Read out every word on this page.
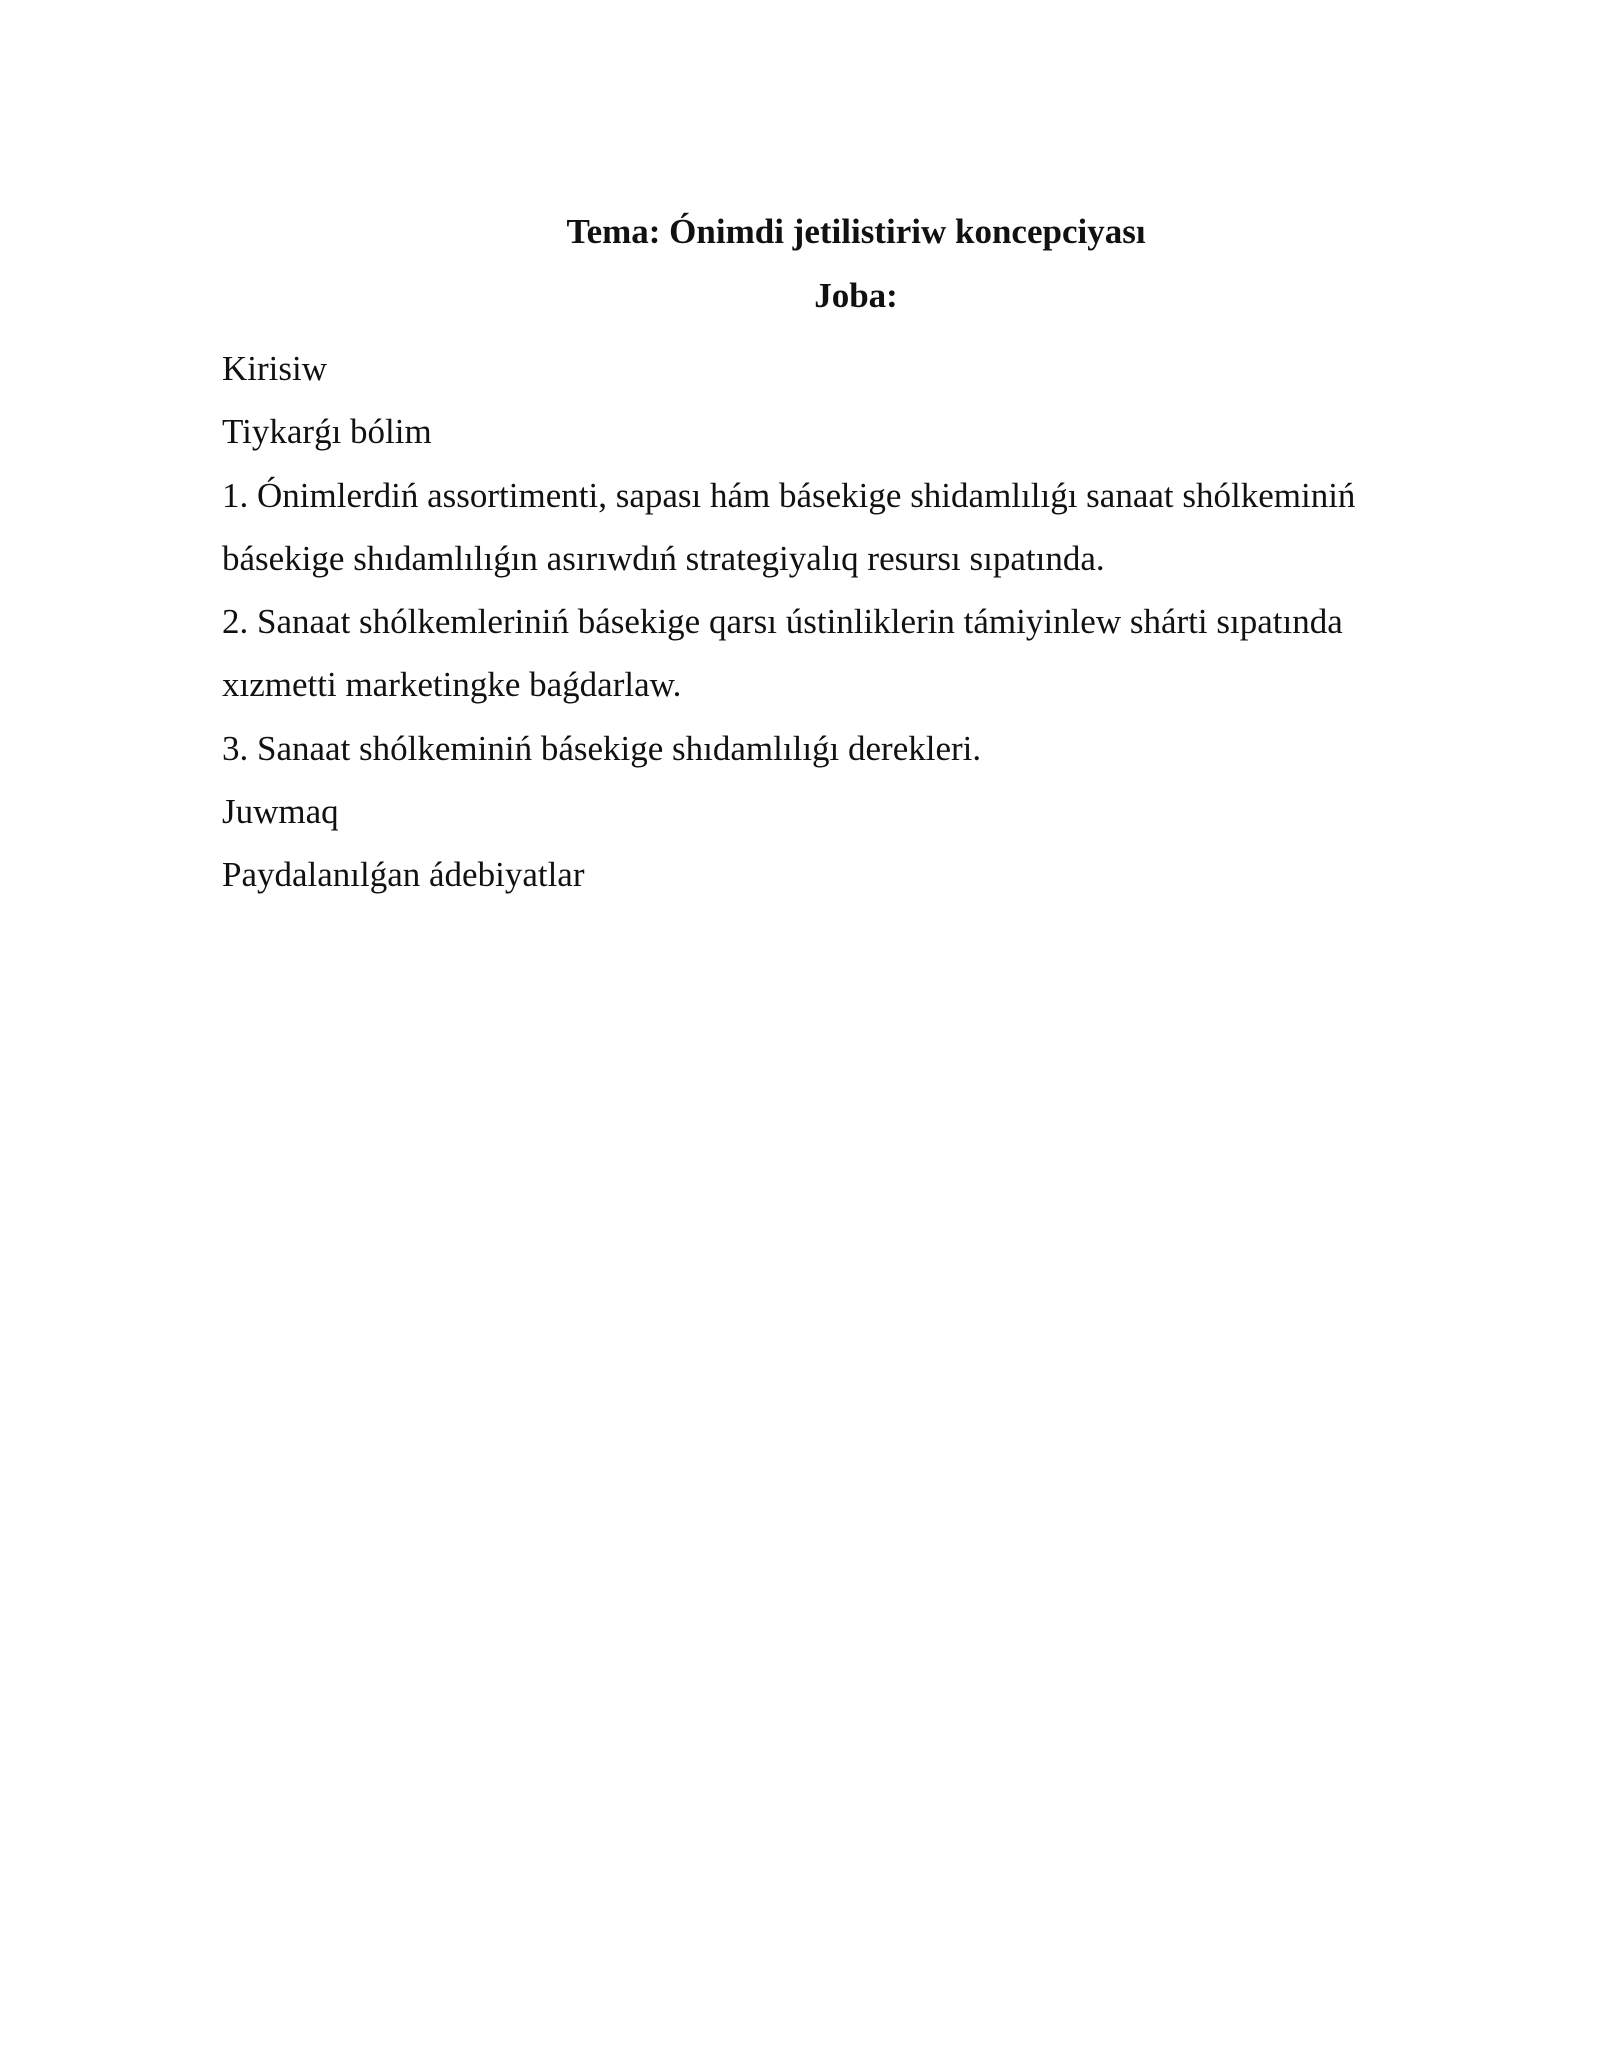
Tema: Ónimdi jetilistiriw koncepciyası
Joba:
Kirisiw
Tiykarǵı bólim
1. Ónimlerdiń assortimenti, sapası hám básekige shidamlılıǵı sanaat shólkeminiń
básekige shıdamlılıǵın asırıwdıń strategiyalıq resursı sıpatında.
2. Sanaat shólkemleriniń básekige qarsı ústinliklerin támiyinlew shárti sıpatında
xızmetti marketingke baǵdarlaw.
3. Sanaat shólkeminiń básekige shıdamlılıǵı derekleri.
Juwmaq
Paydalanılǵan ádebiyatlar
